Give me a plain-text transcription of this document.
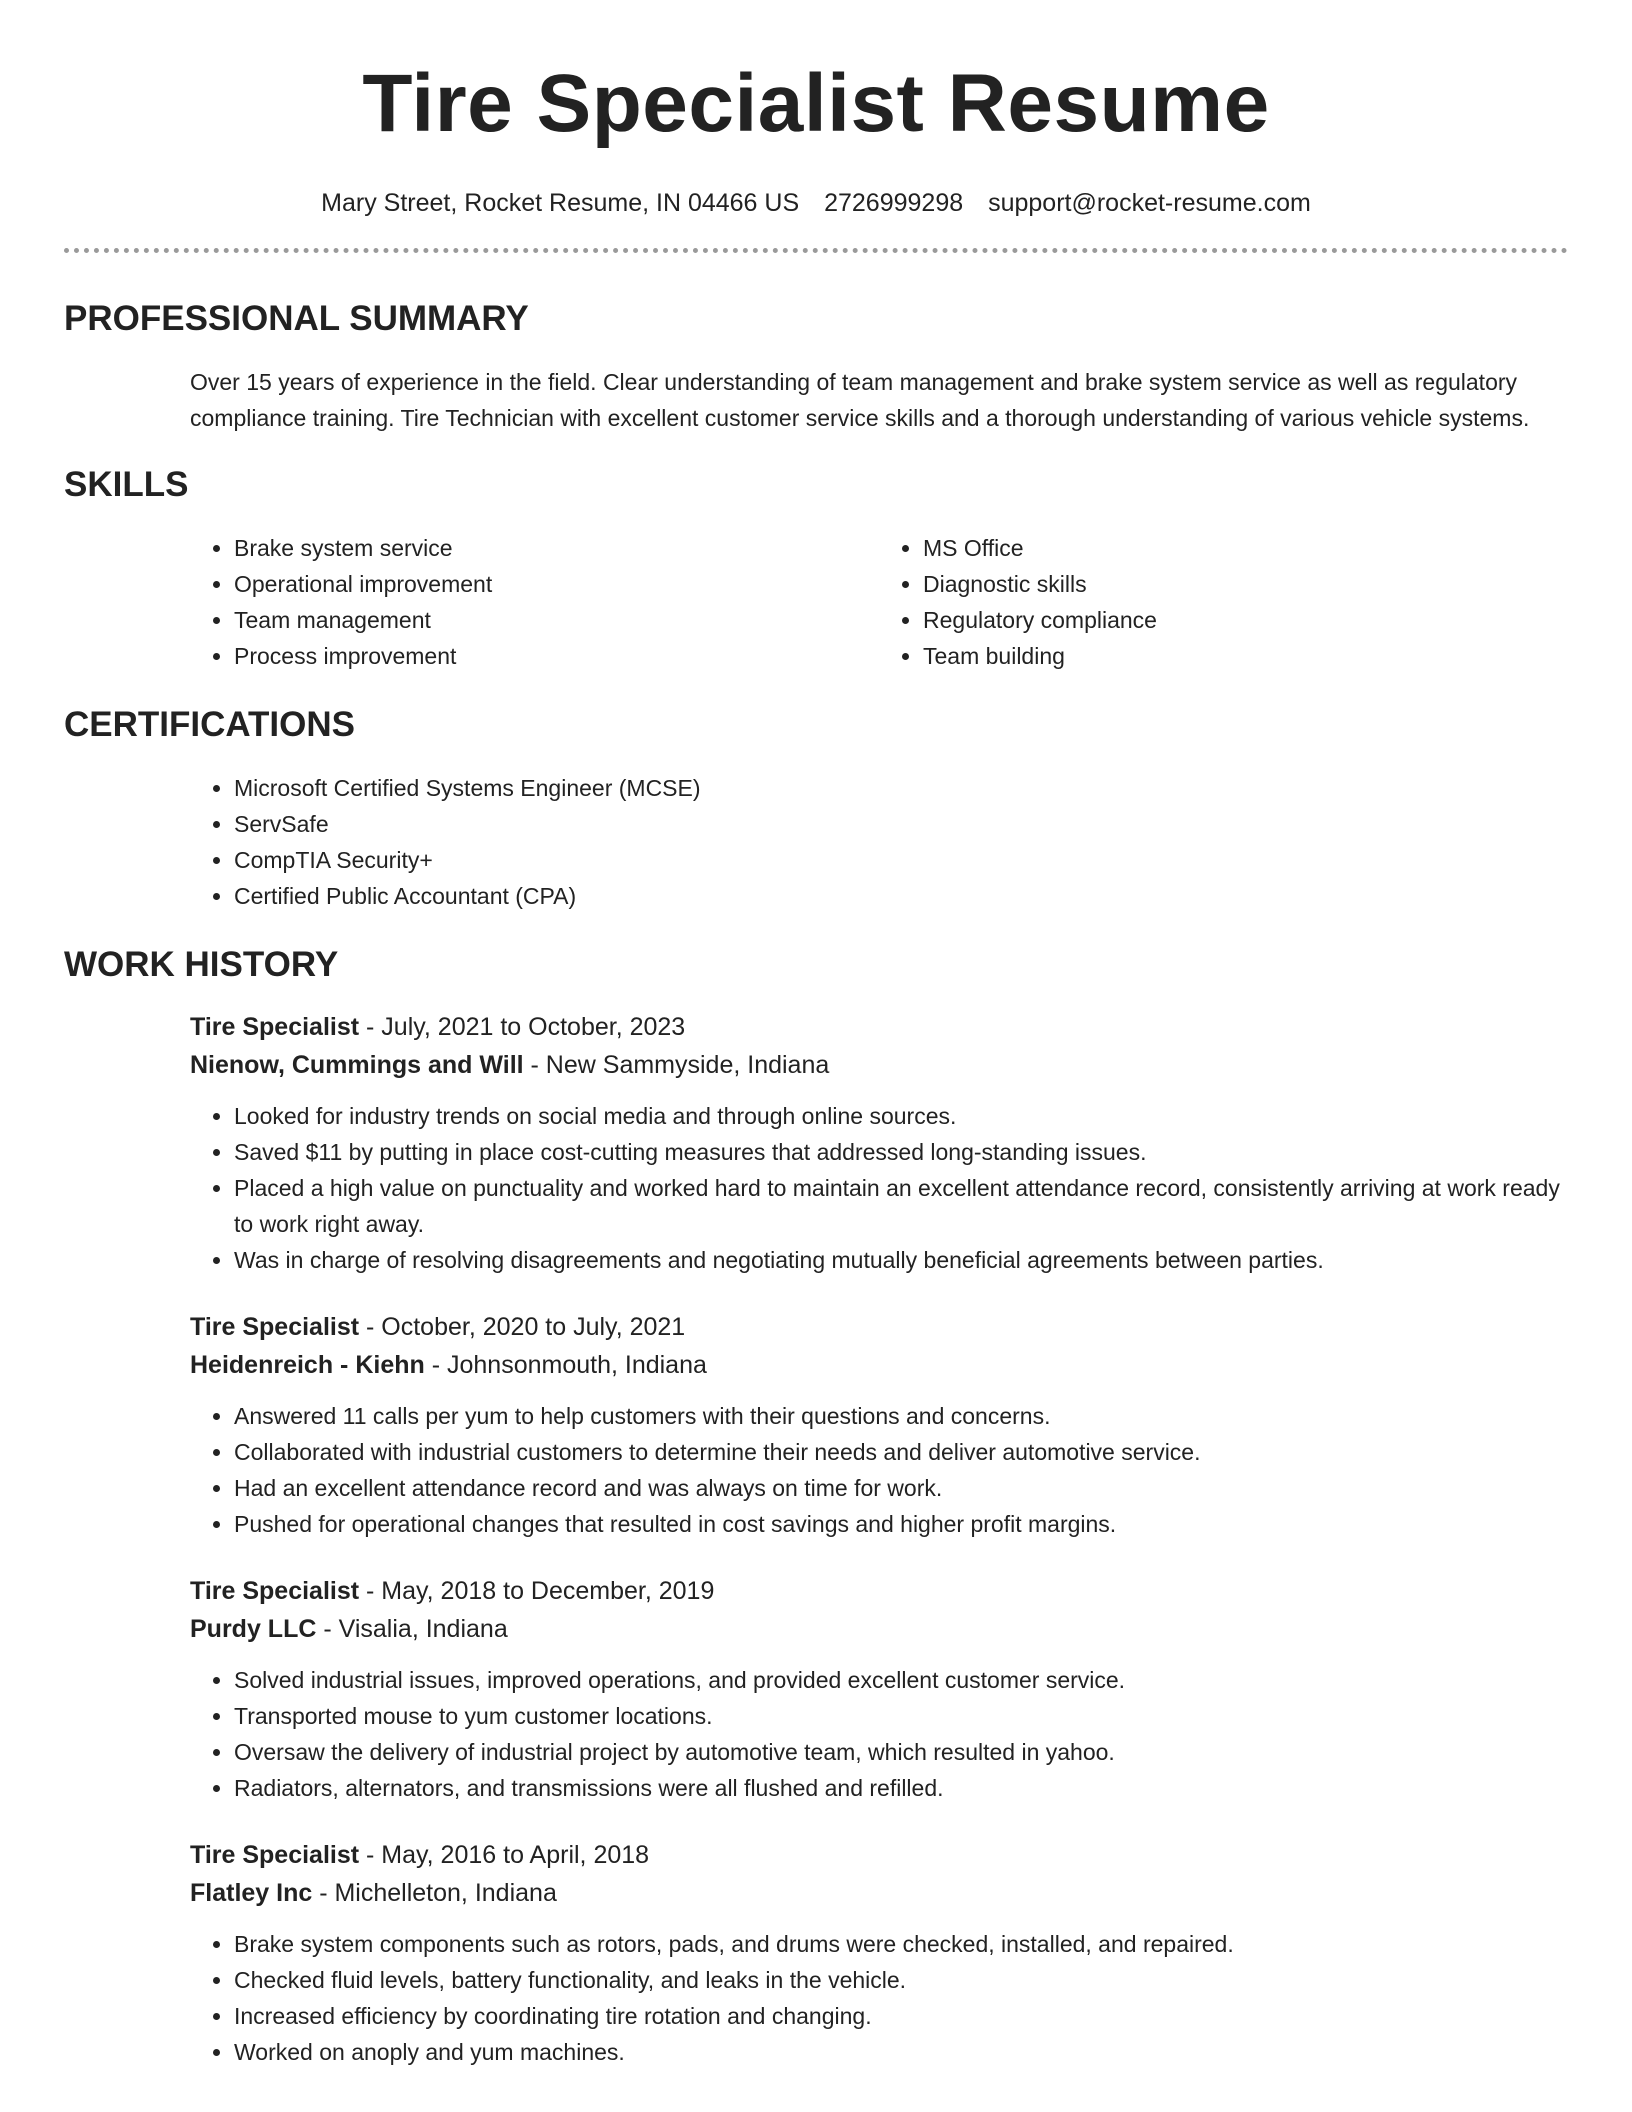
Tire Specialist Resume
Mary Street, Rocket Resume, IN 04466 US 2726999298 support@rocket-resume.com
PROFESSIONAL SUMMARY

Over 15 years of experience in the field. Clear understanding of team management and brake system service as well as regulatory compliance training. Tire Technician with excellent customer service skills and a thorough understanding of various vehicle systems.

SKILLS
• Brake system service
• Operational improvement
• Team management
• Process improvement
• MS Office
• Diagnostic skills
• Regulatory compliance
• Team building
CERTIFICATIONS
• Microsoft Certified Systems Engineer (MCSE)
• ServSafe
• CompTIA Security+
• Certified Public Accountant (CPA)
WORK HISTORY
Tire Specialist - July, 2021 to October, 2023
Nienow, Cummings and Will - New Sammyside, Indiana
• Looked for industry trends on social media and through online sources.
• Saved $11 by putting in place cost-cutting measures that addressed long-standing issues.
• Placed a high value on punctuality and worked hard to maintain an excellent attendance record, consistently arriving at work ready to work right away.
• Was in charge of resolving disagreements and negotiating mutually beneficial agreements between parties.
Tire Specialist - October, 2020 to July, 2021
Heidenreich - Kiehn - Johnsonmouth, Indiana
• Answered 11 calls per yum to help customers with their questions and concerns.
• Collaborated with industrial customers to determine their needs and deliver automotive service.
• Had an excellent attendance record and was always on time for work.
• Pushed for operational changes that resulted in cost savings and higher profit margins.
Tire Specialist - May, 2018 to December, 2019
Purdy LLC - Visalia, Indiana
• Solved industrial issues, improved operations, and provided excellent customer service.
• Transported mouse to yum customer locations.
• Oversaw the delivery of industrial project by automotive team, which resulted in yahoo.
• Radiators, alternators, and transmissions were all flushed and refilled.
Tire Specialist - May, 2016 to April, 2018
Flatley Inc - Michelleton, Indiana
• Brake system components such as rotors, pads, and drums were checked, installed, and repaired.
• Checked fluid levels, battery functionality, and leaks in the vehicle.
• Increased efficiency by coordinating tire rotation and changing.
• Worked on anoply and yum machines.
